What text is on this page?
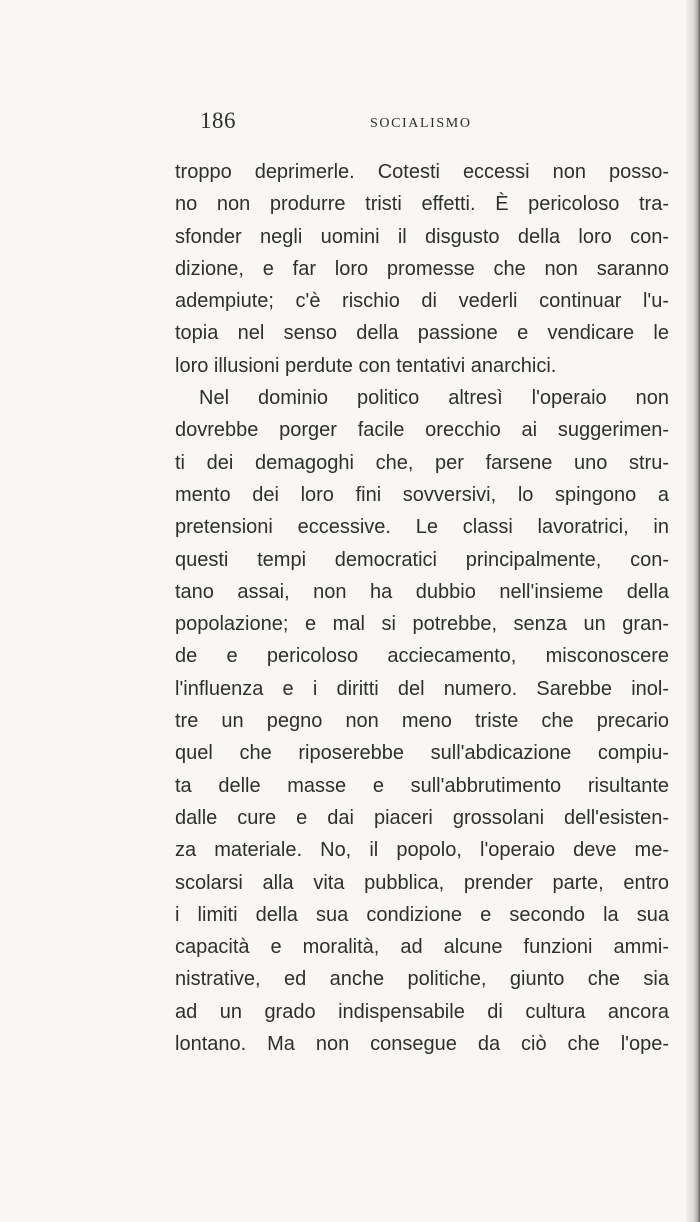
186	SOCIALISMO
troppo deprimerle. Cotesti eccessi non posso-
no non produrre tristi effetti. È pericoloso tra-
sfonder negli uomini il disgusto della loro con-
dizione, e far loro promesse che non saranno
adempiute; c'è rischio di vederli continuar l'u-
topia nel senso della passione e vendicare le
loro illusioni perdute con tentativi anarchici.
Nel dominio politico altresì l'operaio non
dovrebbe porger facile orecchio ai suggerimen-
ti dei demagoghi che, per farsene uno stru-
mento dei loro fini sovversivi, lo spingono a
pretensioni eccessive. Le classi lavoratrici, in
questi tempi democratici principalmente, con-
tano assai, non ha dubbio nell'insieme della
popolazione; e mal si potrebbe, senza un gran-
de e pericoloso acciecamento, misconoscere
l'influenza e i diritti del numero. Sarebbe inol-
tre un pegno non meno triste che precario
quel che riposerebbe sull'abdicazione compiu-
ta delle masse e sull'abbrutimento risultante
dalle cure e dai piaceri grossolani dell'esisten-
za materiale. No, il popolo, l'operaio deve me-
scolarsi alla vita pubblica, prender parte, entro
i limiti della sua condizione e secondo la sua
capacità e moralità, ad alcune funzioni ammi-
nistrative, ed anche politiche, giunto che sia
ad un grado indispensabile di cultura ancora
lontano. Ma non consegue da ciò che l'ope-
